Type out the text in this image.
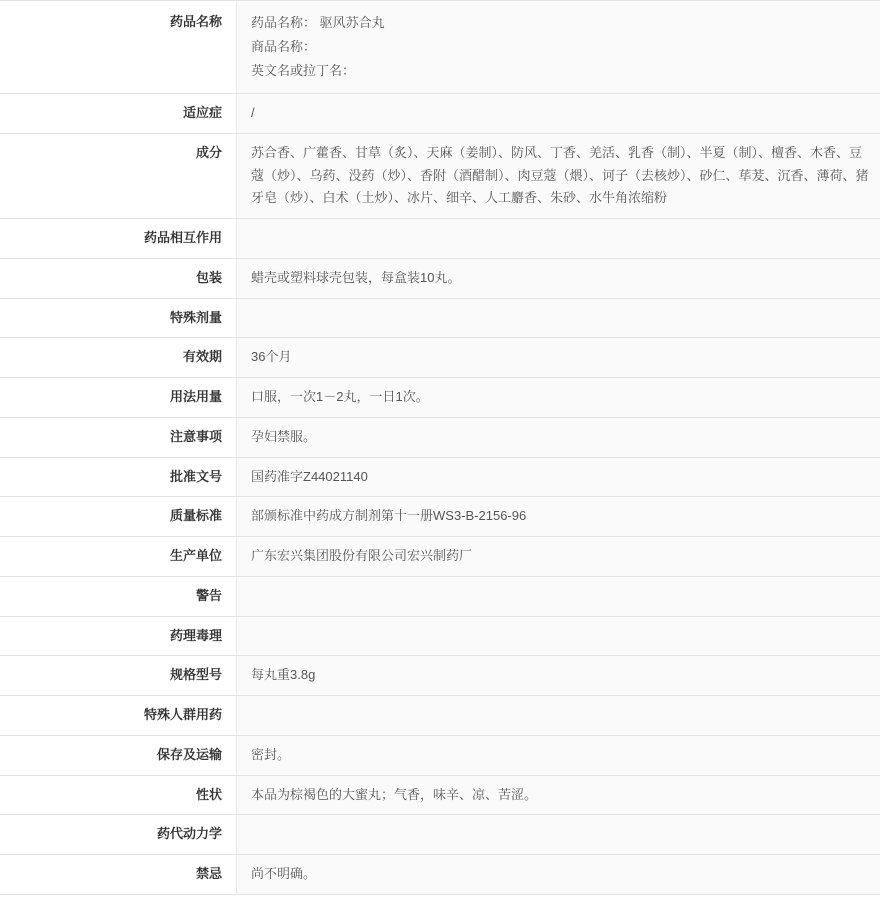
药品名称	药品名称： 驱风苏合丸
商品名称：
英文名或拉丁名：

适应症	/
成分	苏合香、广藿香、甘草（炙）、天麻（姜制）、防风、丁香、羌活、乳香（制）、半夏（制）、檀香、木香、豆蔻（炒）、乌药、没药（炒）、香附（酒醋制）、肉豆蔻（煨）、诃子（去核炒）、砂仁、荜茇、沉香、薄荷、猪牙皂（炒）、白术（土炒）、冰片、细辛、人工麝香、朱砂、水牛角浓缩粉
药品相互作用	
包装	蜡壳或塑料球壳包装，每盒装10丸。
特殊剂量	
有效期	36个月
用法用量	口服，一次1－2丸，一日1次。
注意事项	孕妇禁服。
批准文号	国药准字Z44021140
质量标准	部颁标准中药成方制剂第十一册WS3-B-2156-96
生产单位	广东宏兴集团股份有限公司宏兴制药厂
警告	
药理毒理	
规格型号	每丸重3.8g
特殊人群用药	
保存及运输	密封。
性状	本品为棕褐色的大蜜丸；气香，味辛、凉、苦涩。
药代动力学	
禁忌	尚不明确。
